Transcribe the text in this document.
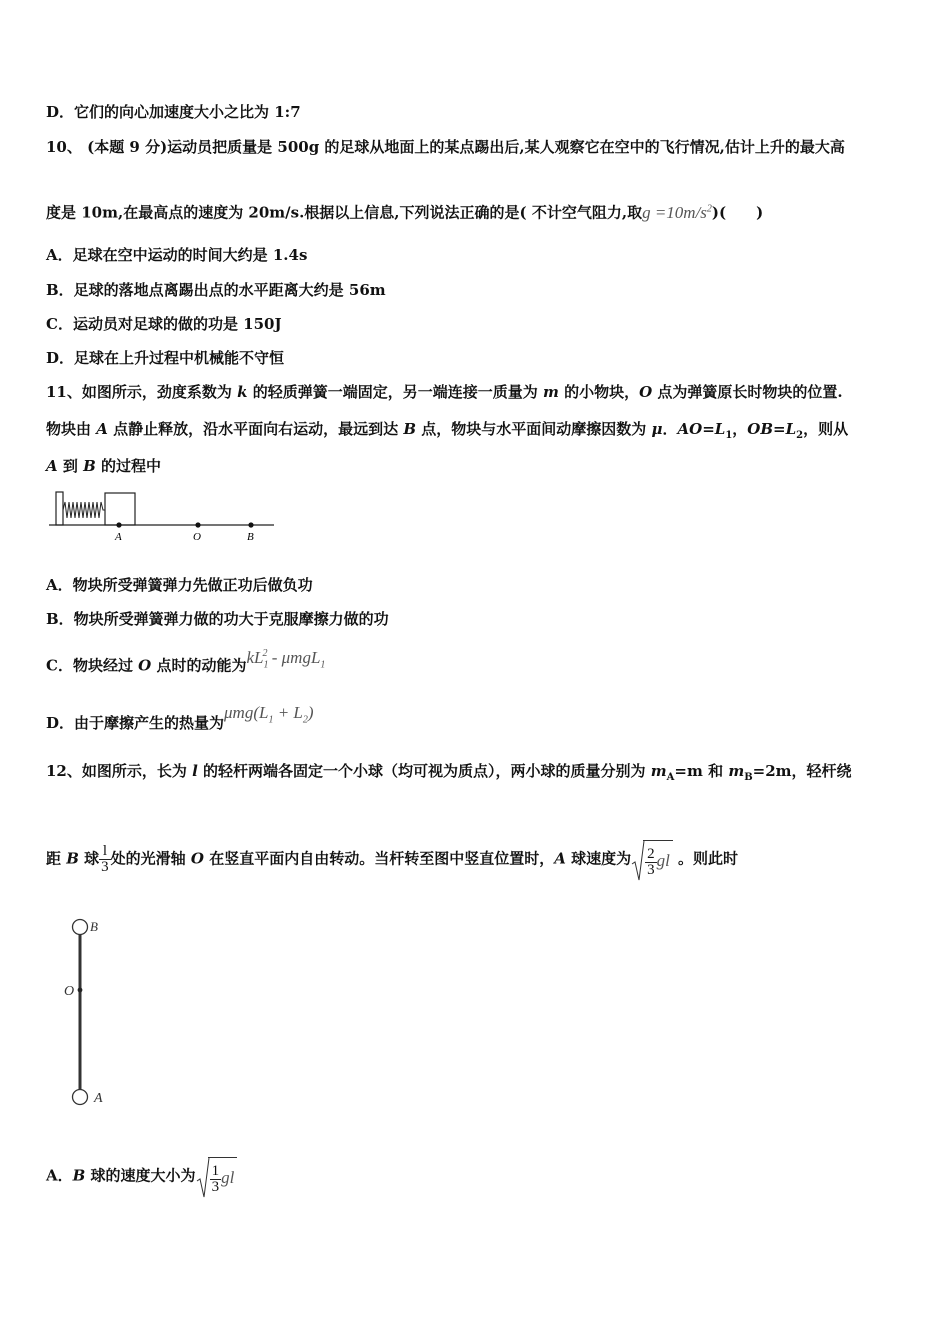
D．它们的向心加速度大小之比为 1:7
10、 (本题 9 分)运动员把质量是 500g 的足球从地面上的某点踢出后,某人观察它在空中的飞行情况,估计上升的最大高
度是 10m,在最高点的速度为 20m/s.根据以上信息,下列说法正确的是( 不计空气阻力,取$g =10m/s^2$)(　　)
A．足球在空中运动的时间大约是 1.4s
B．足球的落地点离踢出点的水平距离大约是 56m
C．运动员对足球的做的功是 150J
D．足球在上升过程中机械能不守恒
11、如图所示，劲度系数为 k 的轻质弹簧一端固定，另一端连接一质量为 m 的小物块，O 点为弹簧原长时物块的位置.
物块由 A 点静止释放，沿水平面向右运动，最远到达 B 点，物块与水平面间动摩擦因数为 μ．$AO=L_1$，$OB=L_2$，则从
A 到 B 的过程中
A	O	B
A．物块所受弹簧弹力先做正功后做负功
B．物块所受弹簧弹力做的功大于克服摩擦力做的功
C．物块经过 O 点时的动能为$kL_1^2 - \mu mgL_1$
D．由于摩擦产生的热量为$\mu mg(L_1 + L_2)$
12、如图所示，长为 l 的轻杆两端各固定一个小球（均可视为质点），两小球的质量分别为 $m_A=m$ 和 $m_B=2m$，轻杆绕
距 B 球 $\frac{l}{3}$ 处的光滑轴 O 在竖直平面内自由转动。当杆转至图中竖直位置时，A 球速度为 $\frac{2}{3}$ gl 。则此时
B
O
A
A．B 球的速度大小为 $\frac{1}{3}$ gl
